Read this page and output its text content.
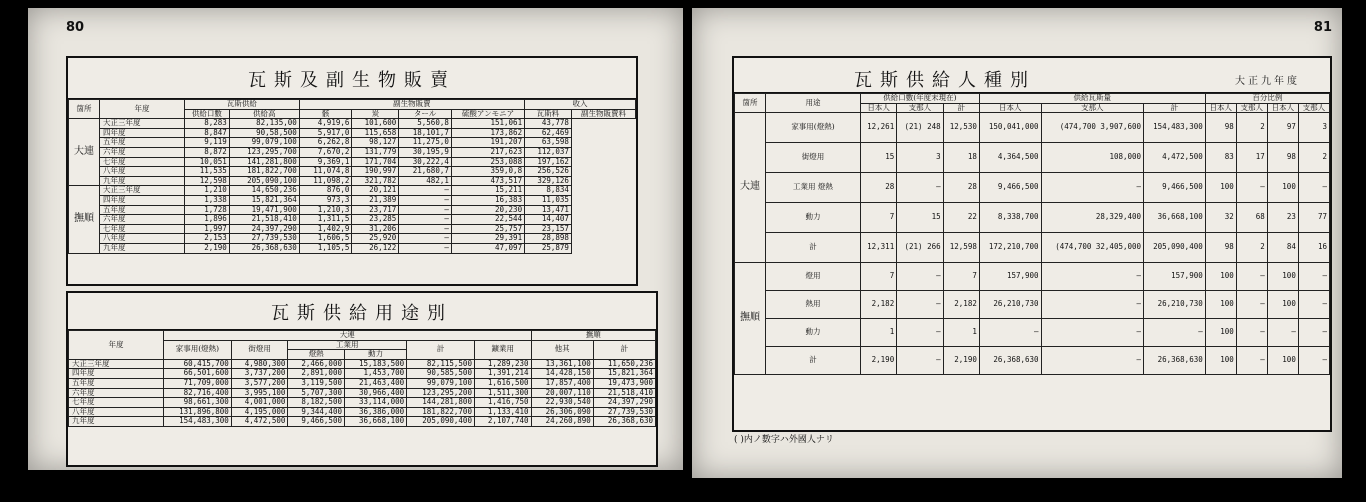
80
瓦斯及副生物販賣
箇所	年度	瓦斯供給		副生物販賣				收入	
		供給口數	供給高	骸	炭	タール	硫酸アンモニア	瓦斯料	副生物販賣料
大連	大正三年度	8,283	82,135,00	4,919,6	101,600	5,560,8	151,061	43,778	
	四年度	8,847	90,58,500	5,917,0	115,658	18,101,7	173,862	62,469	
	五年度	9,119	99,079,100	6,262,8	98,127	11,275,0	191,207	63,598	
	六年度	8,872	123,295,700	7,670,2	131,779	30,195,9	217,623	112,037	
	七年度	10,051	141,281,800	9,369,1	171,704	30,222,4	253,088	197,162	
	八年度	11,535	181,822,700	11,074,8	190,997	21,680,7	359,0,8	256,526	
	九年度	12,598	205,090,100	11,098,2	321,782	482,1	473,517	329,126	
撫順	大正三年度	1,210	14,650,236	876,0	20,121	—	15,211	8,834	
	四年度	1,338	15,821,364	973,3	21,389	—	16,383	11,035	
	五年度	1,728	19,471,900	1,210,3	23,717	—	20,230	13,471	
	六年度	1,896	21,518,410	1,311,5	23,285	—	22,544	14,407	
	七年度	1,997	24,397,290	1,402,9	31,206	—	25,757	23,157	
	八年度	2,153	27,739,530	1,606,5	25,920	—	29,391	28,898	
	九年度	2,190	26,368,630	1,105,5	26,122	—	47,097	25,879	
瓦斯供給用途別
年度	大連						撫順	
	家事用(燈熱)	街燈用	工業用		計	鑛業用	他其	計
			燈熱	動力				
大正三年度	60,415,700	4,980,300	2,466,000	15,183,500	82,115,500	1,289,230	13,361,100	11,650,236
四年度	66,501,600	3,737,200	2,891,000	1,453,700	90,585,500	1,391,214	14,428,150	15,821,364
五年度	71,709,000	3,577,200	3,119,500	21,463,400	99,079,100	1,616,500	17,857,400	19,473,900
六年度	82,716,400	3,995,100	5,707,300	30,966,400	123,295,200	1,511,300	20,007,110	21,518,410
七年度	98,661,300	4,001,000	8,182,500	33,114,000	144,281,800	1,416,750	22,930,540	24,397,290
八年度	131,896,800	4,195,000	9,344,400	36,386,000	181,822,700	1,133,410	26,306,090	27,739,530
九年度	154,483,300	4,472,500	9,466,500	36,668,100	205,090,400	2,107,740	24,260,890	26,368,630
81
瓦斯供給人種別	大正九年度
箇所	用途	供給口數(年度末現在)			供給瓦斯量			百分比例			
		日本人	支那人	計	日本人	支那人	計	日本人	支那人	日本人	支那人
大連	家事用(燈熱)	12,261	(21) 248	12,530	150,041,000	(474,700 3,907,600	154,483,300	98	2	97	3
	街燈用	15	3	18	4,364,500	108,000	4,472,500	83	17	98	2
	工業用 燈熱	28	—	28	9,466,500	—	9,466,500	100	—	100	—
	動力	7	15	22	8,338,700	28,329,400	36,668,100	32	68	23	77
	計	12,311	(21) 266	12,598	172,210,700	(474,700 32,405,000	205,090,400	98	2	84	16
撫順	燈用	7	—	7	157,900	—	157,900	100	—	100	—
	熱用	2,182	—	2,182	26,210,730	—	26,210,730	100	—	100	—
	動力	1	—	1	—	—	—	100	—	—	—
	計	2,190	—	2,190	26,368,630	—	26,368,630	100	—	100	—
( )内ノ數字ハ外國人ナリ
